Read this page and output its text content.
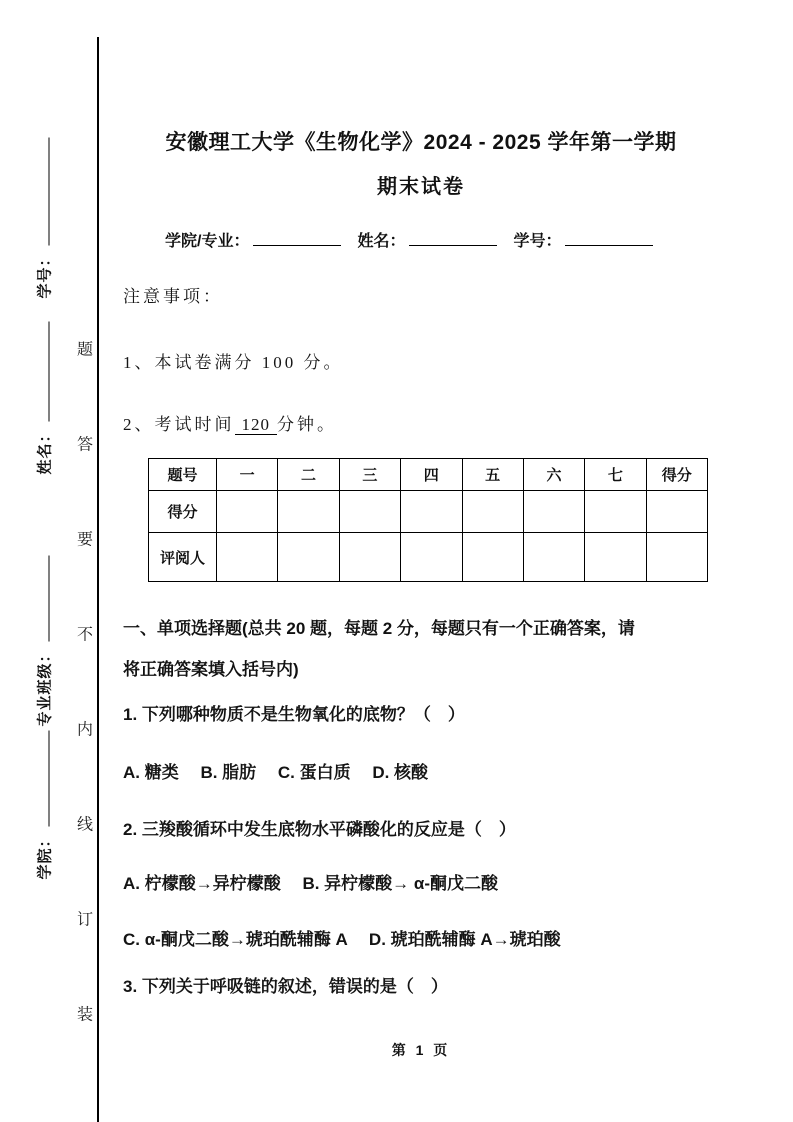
学号：
姓名：
专业班级：
学院：
题
答
要
不
内
线
订
装
安徽理工大学《生物化学》2024 - 2025 学年第一学期
期末试卷
学院/专业：	姓名：	学号：
注意事项：
1、本试卷满分 100 分。
2、考试时间 120 分钟。
题号	一	二	三	四	五	六	七	得分
得分								
评阅人								
一、单项选择题(总共 20 题，每题 2 分，每题只有一个正确答案，请
将正确答案填入括号内)
1. 下列哪种物质不是生物氧化的底物？（　）
A. 糖类　 B. 脂肪　 C. 蛋白质　 D. 核酸
2. 三羧酸循环中发生底物水平磷酸化的反应是（　）
A. 柠檬酸→异柠檬酸　 B. 异柠檬酸→ α-酮戊二酸
C. α-酮戊二酸→琥珀酰辅酶 A　 D. 琥珀酰辅酶 A→琥珀酸
3. 下列关于呼吸链的叙述，错误的是（　）
第 1 页
